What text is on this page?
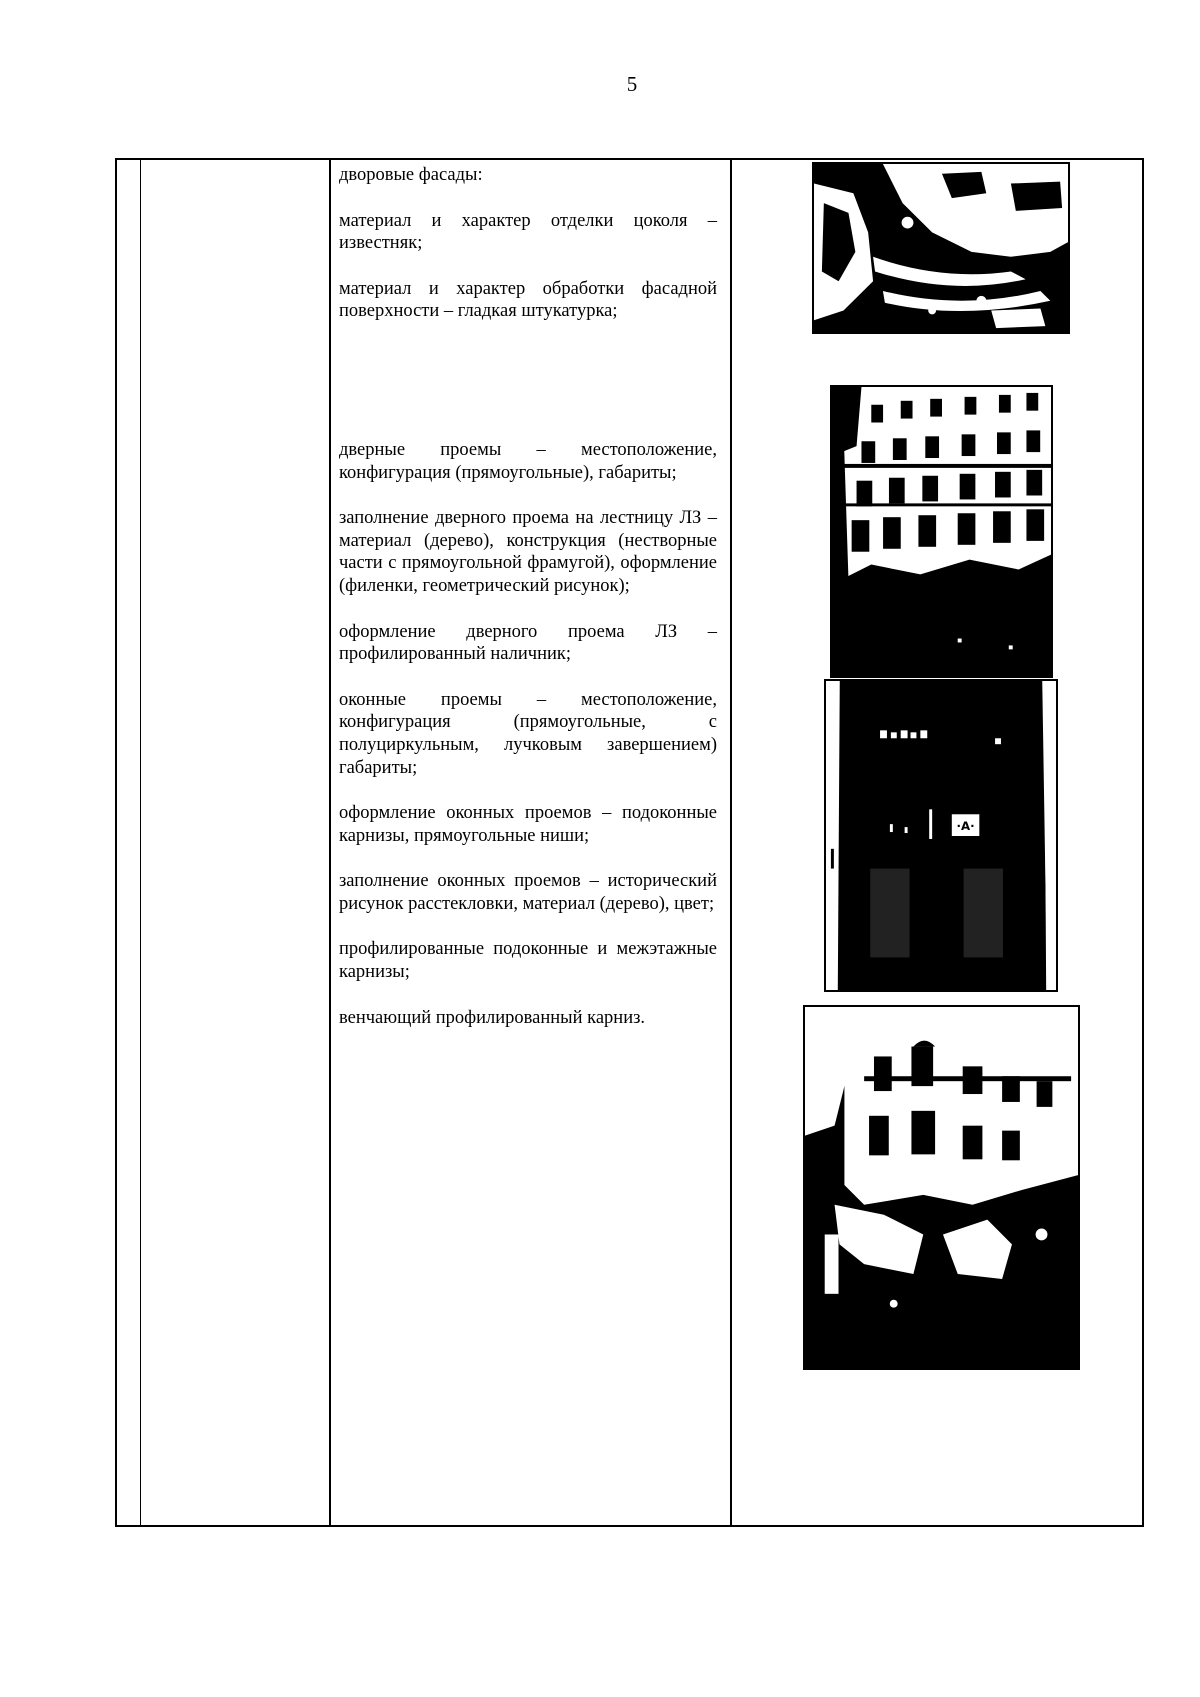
5

дворовые фасады:

материал и характер отделки цоколя – известняк;

материал и характер обработки фасадной поверхности – гладкая штукатурка;

дверные проемы – местоположение, конфигурация (прямоугольные), габариты;

заполнение дверного проема на лестницу ЛЗ – материал (дерево), конструкция (нестворные части с прямоугольной фрамугой), оформление (филенки, геометрический рисунок);

оформление дверного проема ЛЗ – профилированный наличник;

оконные проемы – местоположение, конфигурация (прямоугольные, с полуциркульным, лучковым завершением) габариты;

оформление оконных проемов – подоконные карнизы, прямоугольные ниши;

заполнение оконных проемов – исторический рисунок расстекловки, материал (дерево), цвет;

профилированные подоконные и межэтажные карнизы;

венчающий профилированный карниз.

·A·
